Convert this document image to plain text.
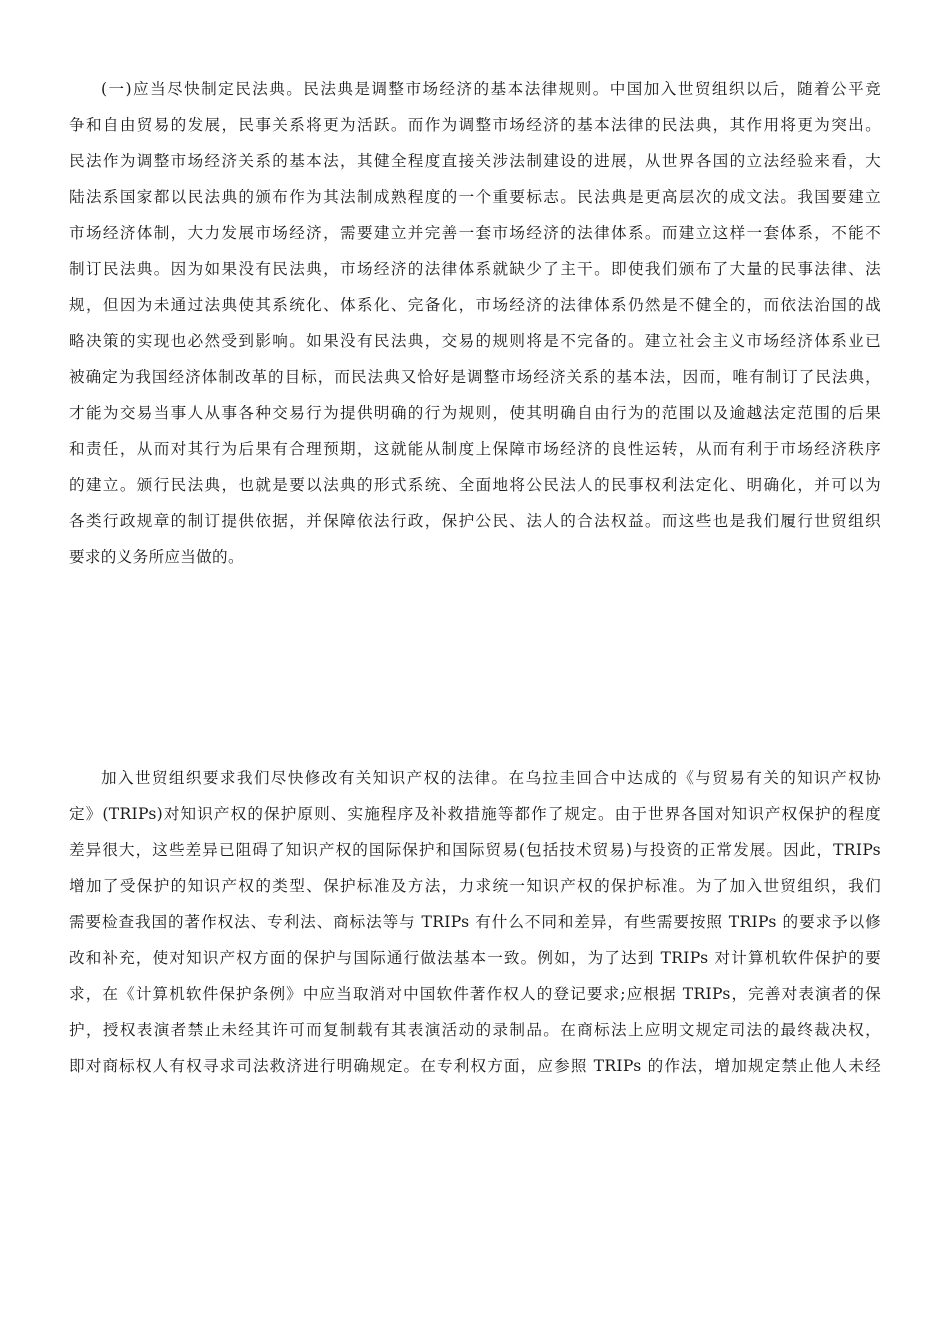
(一)应当尽快制定民法典。民法典是调整市场经济的基本法律规则。中国加入世贸组织以后，随着公平竞
争和自由贸易的发展，民事关系将更为活跃。而作为调整市场经济的基本法律的民法典，其作用将更为突出。
民法作为调整市场经济关系的基本法，其健全程度直接关涉法制建设的进展，从世界各国的立法经验来看，大
陆法系国家都以民法典的颁布作为其法制成熟程度的一个重要标志。民法典是更高层次的成文法。我国要建立
市场经济体制，大力发展市场经济，需要建立并完善一套市场经济的法律体系。而建立这样一套体系，不能不
制订民法典。因为如果没有民法典，市场经济的法律体系就缺少了主干。即使我们颁布了大量的民事法律、法
规，但因为未通过法典使其系统化、体系化、完备化，市场经济的法律体系仍然是不健全的，而依法治国的战
略决策的实现也必然受到影响。如果没有民法典，交易的规则将是不完备的。建立社会主义市场经济体系业已
被确定为我国经济体制改革的目标，而民法典又恰好是调整市场经济关系的基本法，因而，唯有制订了民法典，
才能为交易当事人从事各种交易行为提供明确的行为规则，使其明确自由行为的范围以及逾越法定范围的后果
和责任，从而对其行为后果有合理预期，这就能从制度上保障市场经济的良性运转，从而有利于市场经济秩序
的建立。颁行民法典，也就是要以法典的形式系统、全面地将公民法人的民事权利法定化、明确化，并可以为
各类行政规章的制订提供依据，并保障依法行政，保护公民、法人的合法权益。而这些也是我们履行世贸组织
要求的义务所应当做的。
加入世贸组织要求我们尽快修改有关知识产权的法律。在乌拉圭回合中达成的《与贸易有关的知识产权协
定》(TRIPs)对知识产权的保护原则、实施程序及补救措施等都作了规定。由于世界各国对知识产权保护的程度
差异很大，这些差异已阻碍了知识产权的国际保护和国际贸易(包括技术贸易)与投资的正常发展。因此，TRIPs
增加了受保护的知识产权的类型、保护标准及方法，力求统一知识产权的保护标准。为了加入世贸组织，我们
需要检查我国的著作权法、专利法、商标法等与 TRIPs 有什么不同和差异，有些需要按照 TRIPs 的要求予以修
改和补充，使对知识产权方面的保护与国际通行做法基本一致。例如，为了达到 TRIPs 对计算机软件保护的要
求，在《计算机软件保护条例》中应当取消对中国软件著作权人的登记要求;应根据 TRIPs，完善对表演者的保
护，授权表演者禁止未经其许可而复制载有其表演活动的录制品。在商标法上应明文规定司法的最终裁决权，
即对商标权人有权寻求司法救济进行明确规定。在专利权方面，应参照 TRIPs 的作法，增加规定禁止他人未经
